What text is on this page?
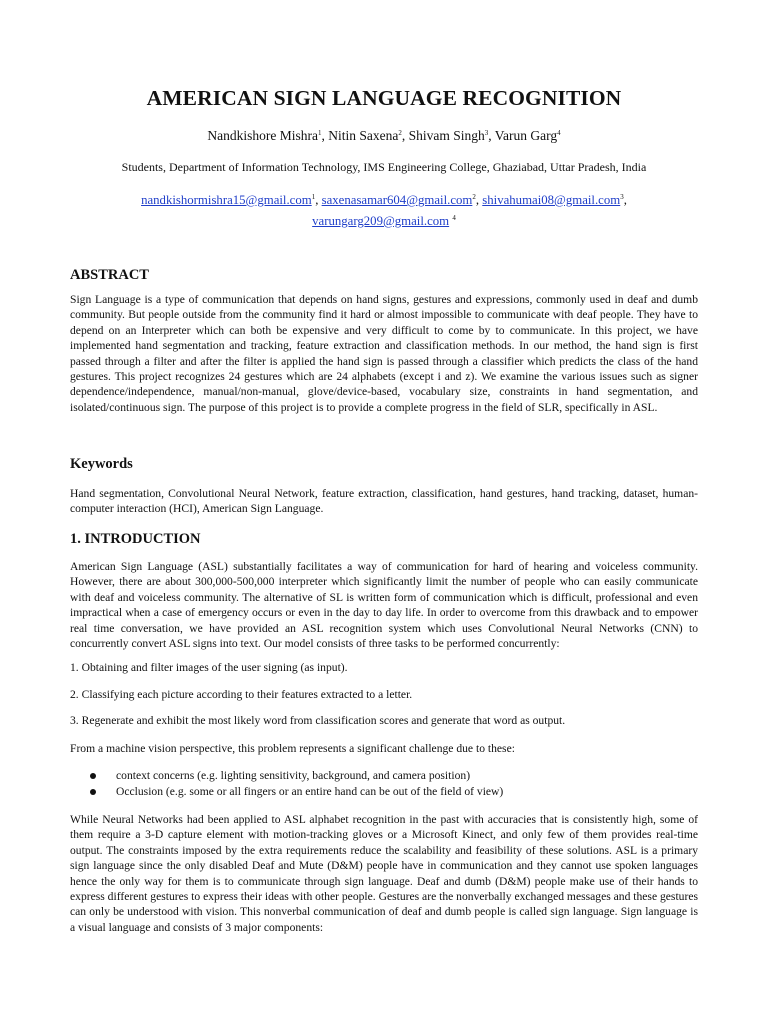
AMERICAN SIGN LANGUAGE RECOGNITION
Nandkishore Mishra$^1$, Nitin Saxena$^2$, Shivam Singh$^3$, Varun Garg$^4$
Students, Department of Information Technology, IMS Engineering College, Ghaziabad, Uttar Pradesh, India
nandkishormishra15@gmail.com$^1$, saxenasamar604@gmail.com$^2$, shivahumai08@gmail.com$^3$,
varungarg209@gmail.com $^4$
ABSTRACT

Sign Language is a type of communication that depends on hand signs, gestures and expressions, commonly used in deaf and dumb community. But people outside from the community find it hard or almost impossible to communicate with deaf people. They have to depend on an Interpreter which can both be expensive and very difficult to come by to communicate. In this project, we have implemented hand segmentation and tracking, feature extraction and classification methods. In our method, the hand sign is first passed through a filter and after the filter is applied the hand sign is passed through a classifier which predicts the class of the hand gestures. This project recognizes 24 gestures which are 24 alphabets (except i and z). We examine the various issues such as signer dependence/independence, manual/non-manual, glove/device-based, vocabulary size, constraints in hand segmentation, and isolated/continuous sign. The purpose of this project is to provide a complete progress in the field of SLR, specifically in ASL.

Keywords

Hand segmentation, Convolutional Neural Network, feature extraction, classification, hand gestures, hand tracking, dataset, human-computer interaction (HCI), American Sign Language.

1. INTRODUCTION

American Sign Language (ASL) substantially facilitates a way of communication for hard of hearing and voiceless community. However, there are about 300,000-500,000 interpreter which significantly limit the number of people who can easily communicate with deaf and voiceless community. The alternative of SL is written form of communication which is difficult, professional and even impractical when a case of emergency occurs or even in the day to day life. In order to overcome from this drawback and to empower real time conversation, we have provided an ASL recognition system which uses Convolutional Neural Networks (CNN) to concurrently convert ASL signs into text. Our model consists of three tasks to be performed concurrently:

1. Obtaining and filter images of the user signing (as input).

2. Classifying each picture according to their features extracted to a letter.

3. Regenerate and exhibit the most likely word from classification scores and generate that word as output.

From a machine vision perspective, this problem represents a significant challenge due to these:

context concerns (e.g. lighting sensitivity, background, and camera position)
Occlusion (e.g. some or all fingers or an entire hand can be out of the field of view)

While Neural Networks had been applied to ASL alphabet recognition in the past with accuracies that is consistently high, some of them require a 3-D capture element with motion-tracking gloves or a Microsoft Kinect, and only few of them provides real-time output. The constraints imposed by the extra requirements reduce the scalability and feasibility of these solutions. ASL is a primary sign language since the only disabled Deaf and Mute (D&M) people have in communication and they cannot use spoken languages hence the only way for them is to communicate through sign language. Deaf and dumb (D&M) people make use of their hands to express different gestures to express their ideas with other people. Gestures are the nonverbally exchanged messages and these gestures can only be understood with vision. This nonverbal communication of deaf and dumb people is called sign language. Sign language is a visual language and consists of 3 major components:
